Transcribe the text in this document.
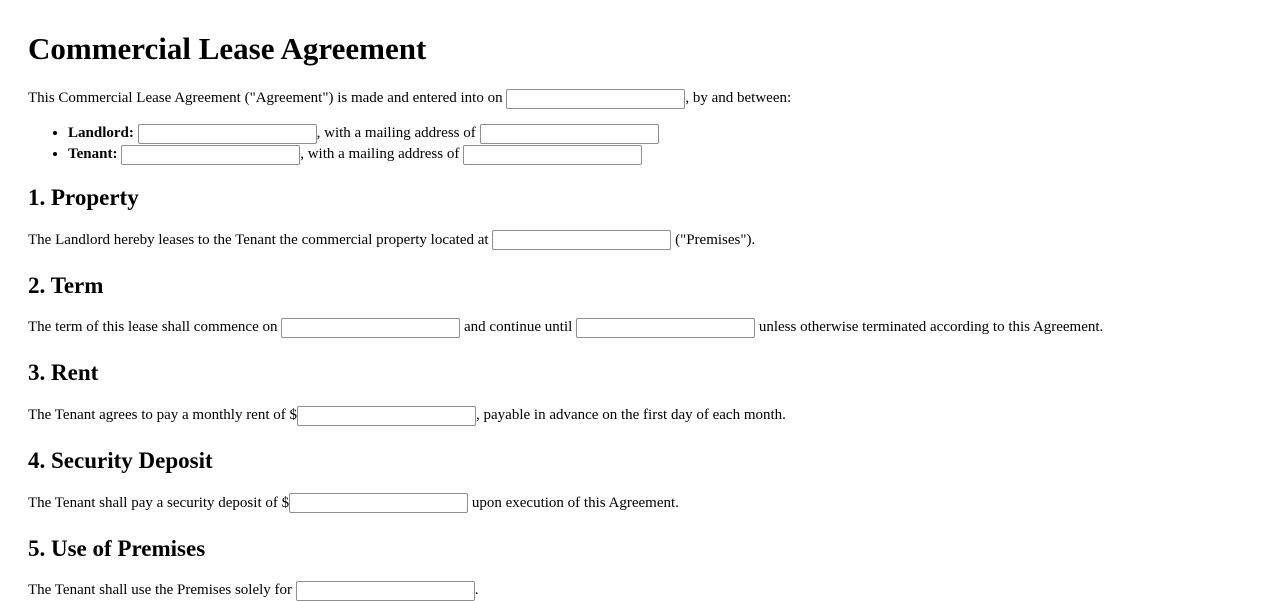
Commercial Lease Agreement

This Commercial Lease Agreement ("Agreement") is made and entered into on	, by and between:

• Landlord:	, with a mailing address of
• Tenant:	, with a mailing address of
1. Property

The Landlord hereby leases to the Tenant the commercial property located at	("Premises").

2. Term

The term of this lease shall commence on	and continue until	unless otherwise terminated according to this Agreement.

3. Rent

The Tenant agrees to pay a monthly rent of $	, payable in advance on the first day of each month.

4. Security Deposit

The Tenant shall pay a security deposit of $	upon execution of this Agreement.

5. Use of Premises

The Tenant shall use the Premises solely for	.
